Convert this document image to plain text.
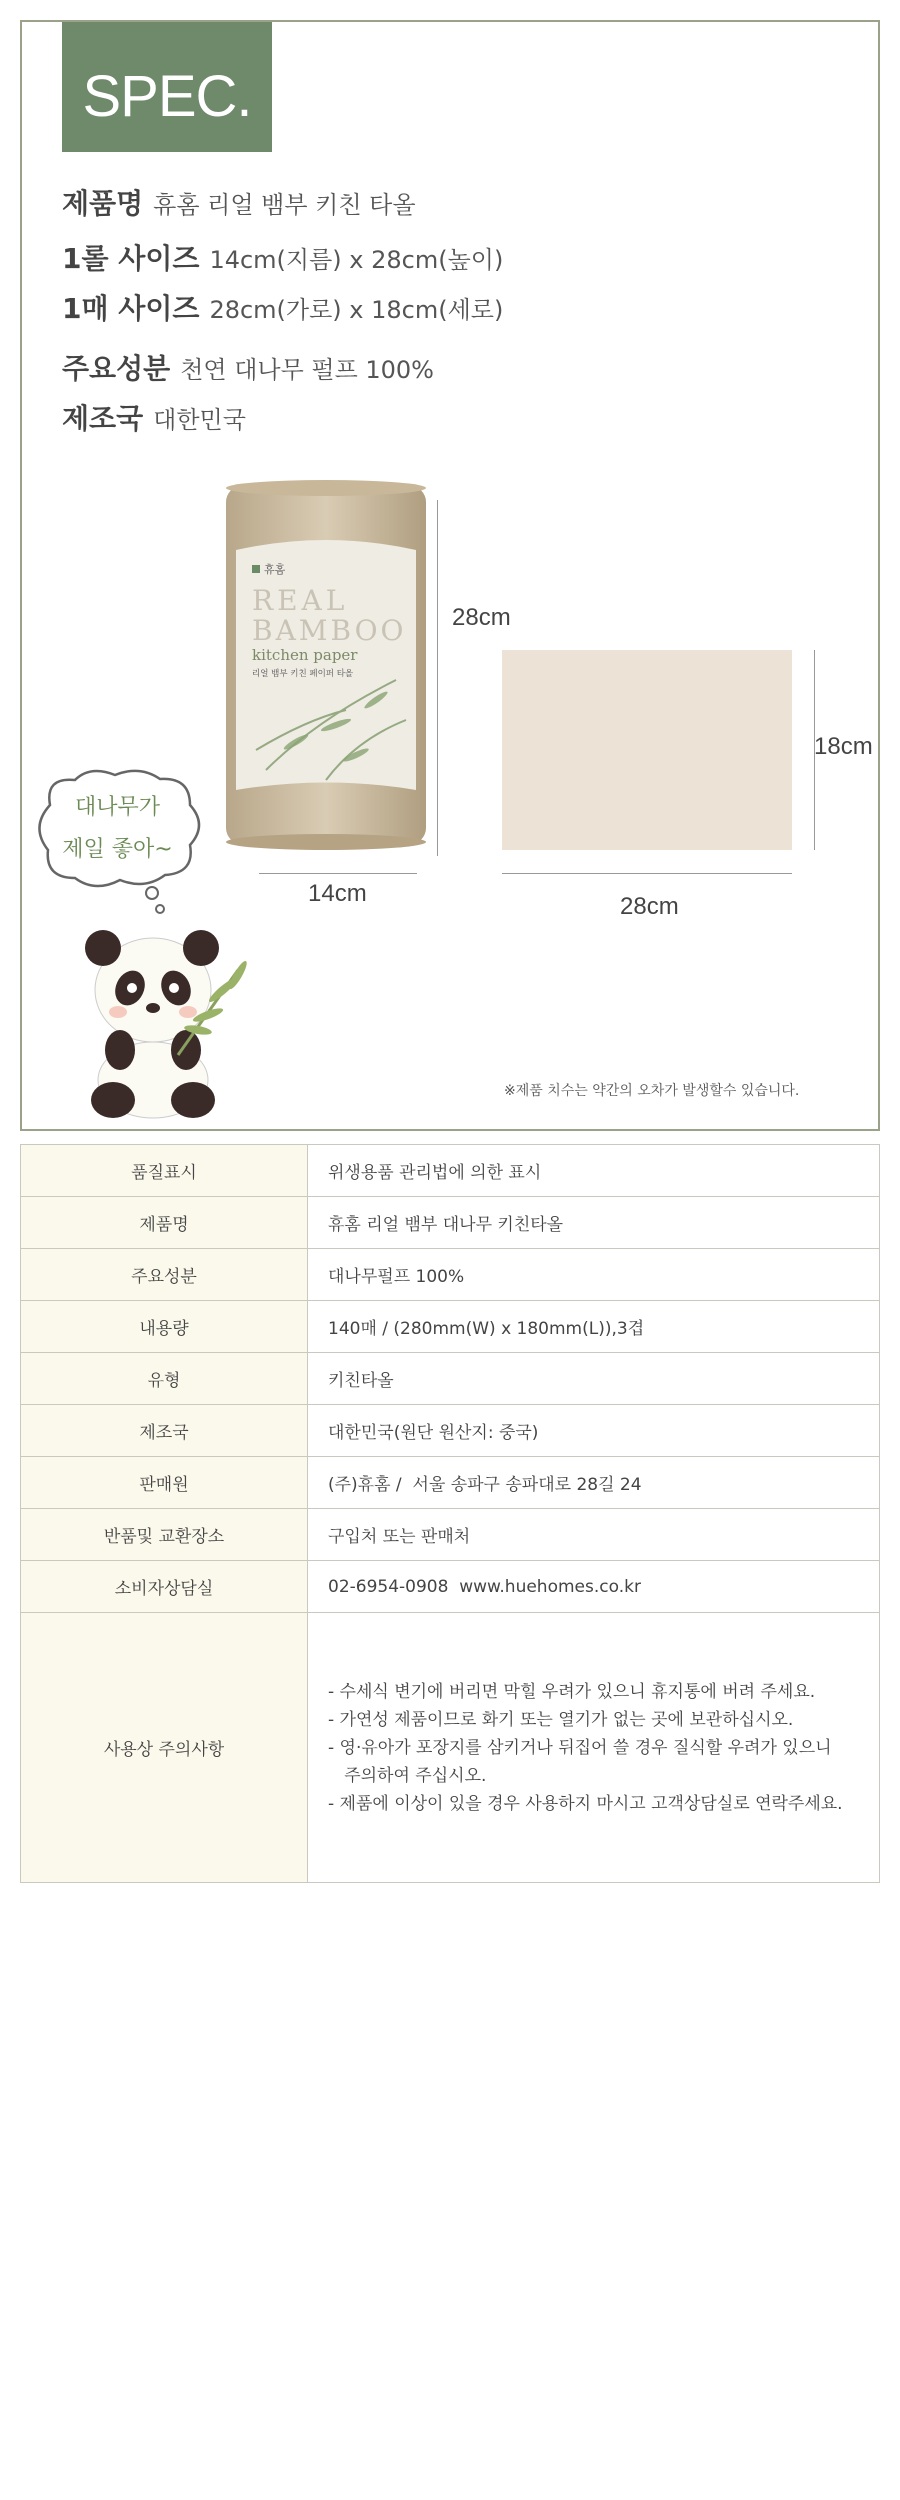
SPEC.
제품명 휴홈 리얼 뱀부 키친 타올
1롤 사이즈 14cm(지름) x 28cm(높이)
1매 사이즈 28cm(가로) x 18cm(세로)
주요성분 천연 대나무 펄프 100%
제조국 대한민국
휴홈
REAL
BAMBOO
kitchen paper
리얼 뱀부 키친 페이퍼 타올
28cm
14cm
18cm
28cm
대나무가
제일 좋아~
※제품 치수는 약간의 오차가 발생할수 있습니다.
품질표시	위생용품 관리법에 의한 표시
제품명	휴홈 리얼 뱀부 대나무 키친타올
주요성분	대나무펄프 100%
내용량	140매 / (280mm(W) x 180mm(L)),3겹
유형	키친타올
제조국	대한민국(원단 원산지: 중국)
판매원	(주)휴홈 /  서울 송파구 송파대로 28길 24
반품및 교환장소	구입처 또는 판매처
소비자상담실	02-6954-0908  www.huehomes.co.kr
사용상 주의사항	- 수세식 변기에 버리면 막힐 우려가 있으니 휴지통에 버려 주세요.
- 가연성 제품이므로 화기 또는 열기가 없는 곳에 보관하십시오.
- 영·유아가 포장지를 삼키거나 뒤집어 쓸 경우 질식할 우려가 있으니
주의하여 주십시오.
- 제품에 이상이 있을 경우 사용하지 마시고 고객상담실로 연락주세요.
